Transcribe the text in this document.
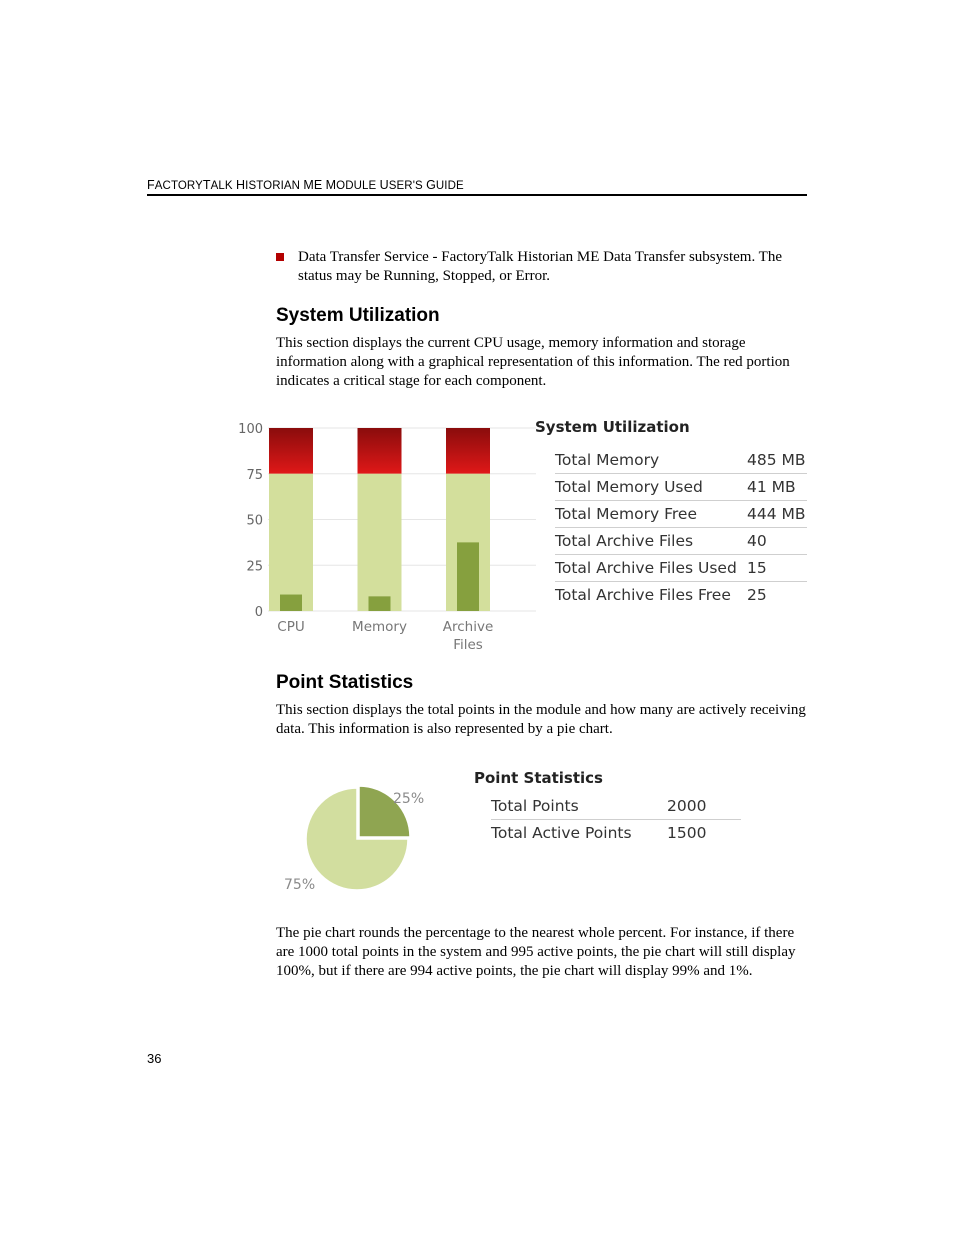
FACTORYTALK HISTORIAN ME MODULE USER'S GUIDE
Data Transfer Service - FactoryTalk Historian ME Data Transfer subsystem. The status may be Running, Stopped, or Error.
System Utilization

This section displays the current CPU usage, memory information and storage information along with a graphical representation of this information. The red portion indicates a critical stage for each component.

0
25
50
75
100
CPU	Memory	Archive
Files
System Utilization
Total Memory	485 MB
Total Memory Used	41 MB
Total Memory Free	444 MB
Total Archive Files	40
Total Archive Files Used	15
Total Archive Files Free	25
Point Statistics

This section displays the total points in the module and how many are actively receiving data. This information is also represented by a pie chart.

25%
75%
Point Statistics
Total Points	2000
Total Active Points	1500

The pie chart rounds the percentage to the nearest whole percent. For instance, if there are 1000 total points in the system and 995 active points, the pie chart will still display 100%, but if there are 994 active points, the pie chart will display 99% and 1%.

36
